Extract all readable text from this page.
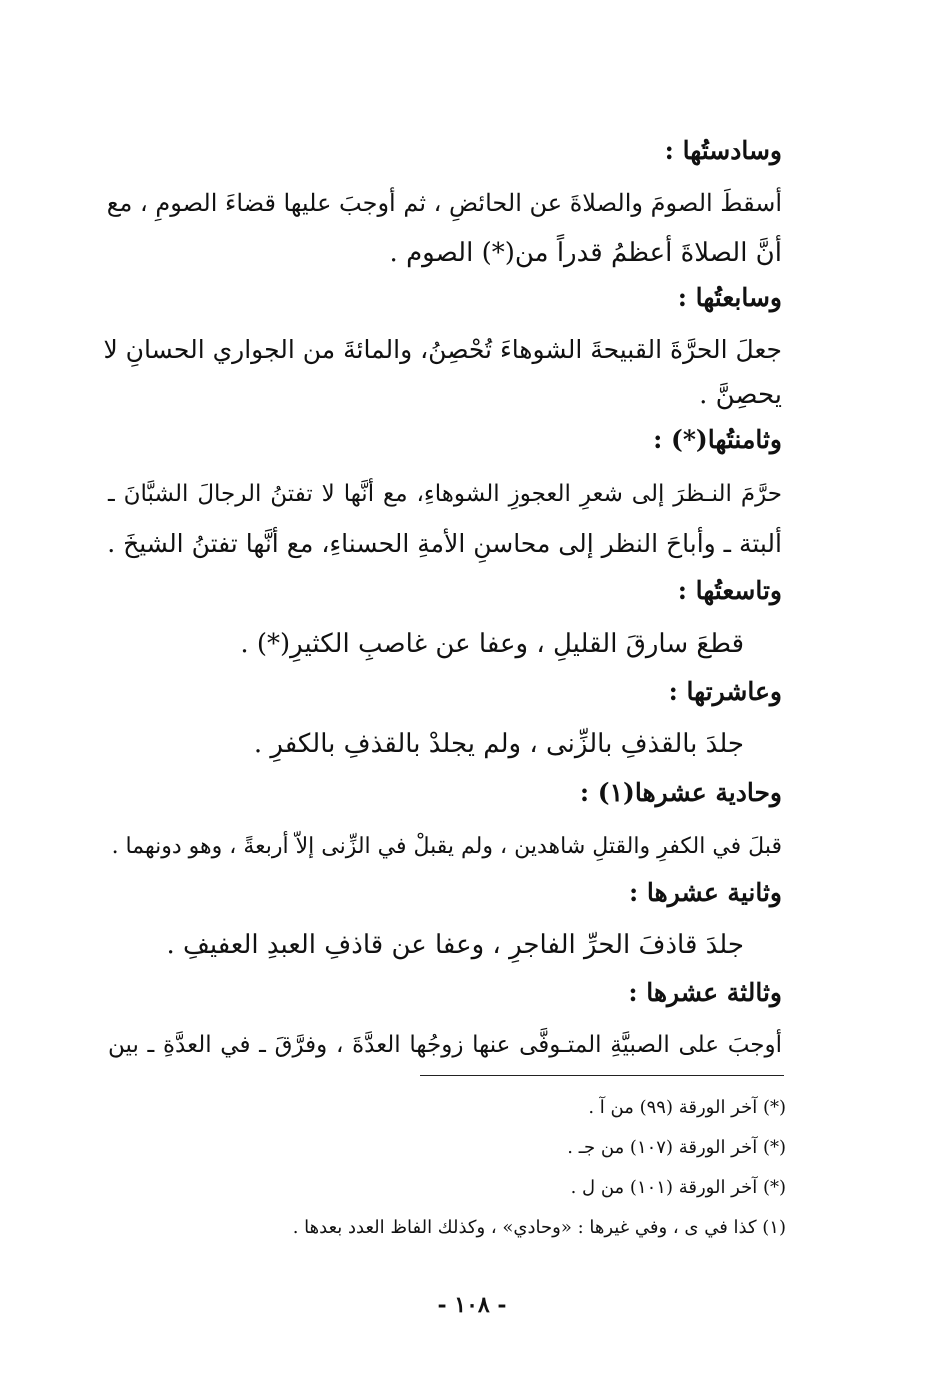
وسادستُها :
أسقطَ الصومَ والصلاةَ عن الحائضِ ، ثم أوجبَ عليها قضاءَ الصومِ ، مع
أنَّ الصلاةَ أعظمُ قدراً من(*) الصوم .
وسابعتُها :
جعلَ الحرَّةَ القبيحةَ الشوهاءَ تُحْصِنُ، والمائةَ من الجواري الحسانِ لا
يحصِنَّ .
وثامنتُها(*) :
حرَّمَ النـظرَ إلى شعرِ العجوزِ الشوهاءِ، مع أنَّها لا تفتنُ الرجالَ الشبَّانَ ـ
ألبتة ـ وأباحَ النظر إلى محاسنِ الأمةِ الحسناءِ، مع أنَّها تفتنُ الشيخَ .
وتاسعتُها :
قطعَ سارقَ القليلِ ، وعفا عن غاصبِ الكثيرِ(*) .
وعاشرتها :
جلدَ بالقذفِ بالزِّنى ، ولم يجلدْ بالقذفِ بالكفرِ .
وحادية عشرها(١) :
قبلَ في الكفرِ والقتلِ شاهدين ، ولم يقبلْ في الزِّنى إلاّ أربعةً ، وهو دونهما .
وثانية عشرها :
جلدَ قاذفَ الحرِّ الفاجرِ ، وعفا عن قاذفِ العبدِ العفيفِ .
وثالثة عشرها :
أوجبَ على الصبيَّةِ المتـوفَّى عنها زوجُها العدَّةَ ، وفرَّقَ ـ في العدَّةِ ـ بين
(*) آخر الورقة (٩٩) من آ .
(*) آخر الورقة (١٠٧) من جـ .
(*) آخر الورقة (١٠١) من ل .
(١) كذا في ى ، وفي غيرها : «وحادي» ، وكذلك الفاظ العدد بعدها .
- ١٠٨ -
